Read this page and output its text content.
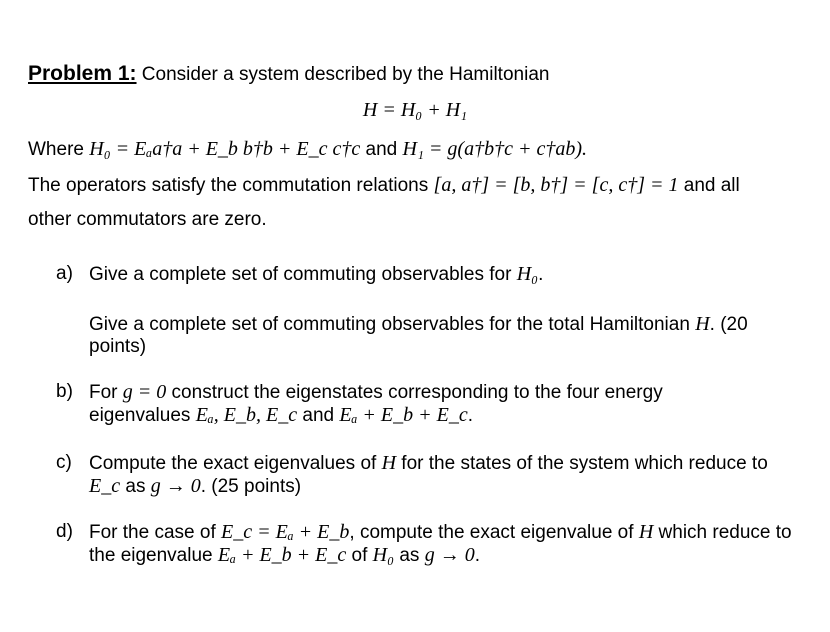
Problem 1: Consider a system described by the Hamiltonian
H = H₀ + H₁
Where H₀ = Eₐa†a + E_b b†b + E_c c†c and H₁ = g(a†b†c + c†ab).
The operators satisfy the commutation relations [a, a†] = [b, b†] = [c, c†] = 1 and all
other commutators are zero.
a) Give a complete set of commuting observables for H₀.
Give a complete set of commuting observables for the total Hamiltonian H. (20
points)
b) For g = 0 construct the eigenstates corresponding to the four energy
eigenvalues Eₐ, E_b, E_c and Eₐ + E_b + E_c.
c) Compute the exact eigenvalues of H for the states of the system which reduce to
E_c as g → 0. (25 points)
d) For the case of E_c = Eₐ + E_b, compute the exact eigenvalue of H which reduce to
the eigenvalue Eₐ + E_b + E_c of H₀ as g → 0.
